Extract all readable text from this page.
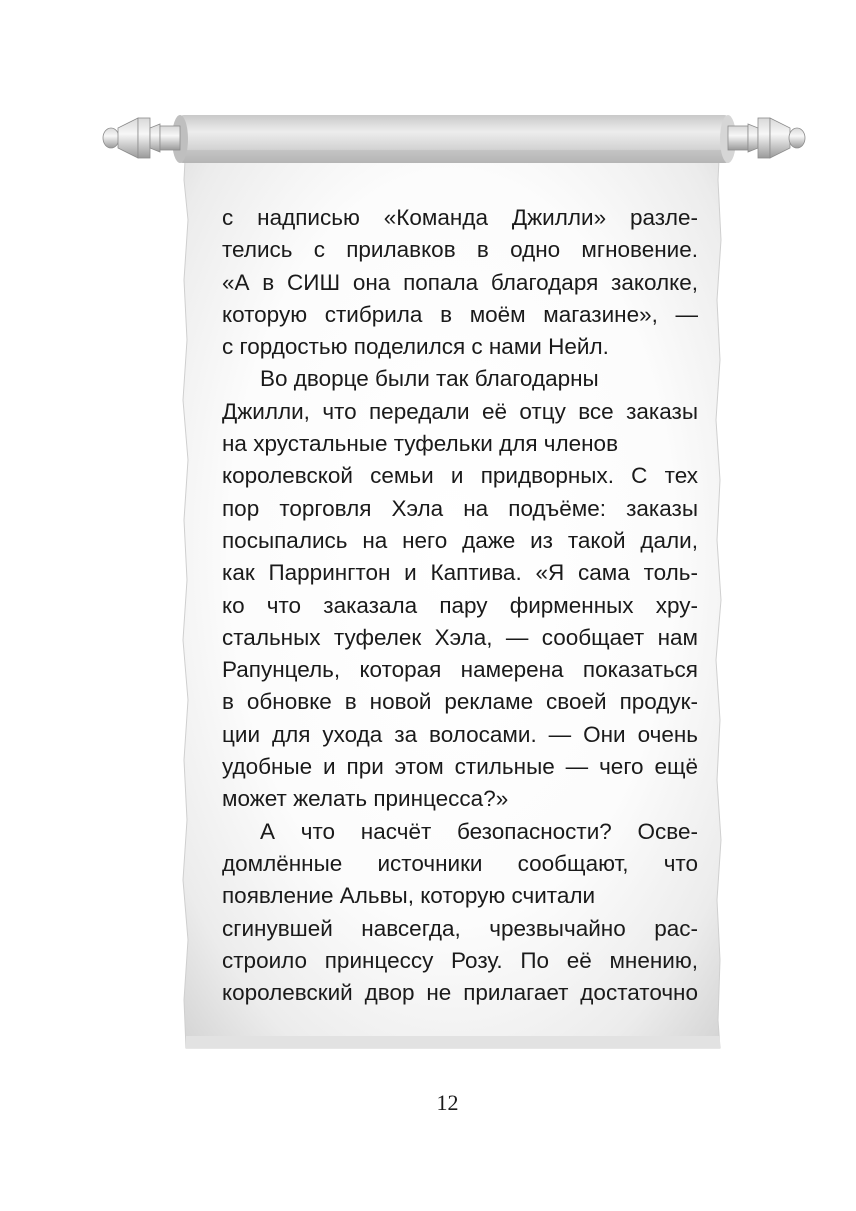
с надписью «Команда Джилли» разле-
телись с прилавков в одно мгновение.
«А в СИШ она попала благодаря заколке,
которую стибрила в моём магазине», —
с гордостью поделился с нами Нейл.
Во дворце были так благодарны
Джилли, что передали её отцу все заказы
на хрустальные туфельки для членов
королевской семьи и придворных. С тех
пор торговля Хэла на подъёме: заказы
посыпались на него даже из такой дали,
как Паррингтон и Каптива. «Я сама толь-
ко что заказала пару фирменных хру-
стальных туфелек Хэла, — сообщает нам
Рапунцель, которая намерена показаться
в обновке в новой рекламе своей продук-
ции для ухода за волосами. — Они очень
удобные и при этом стильные — чего ещё
может желать принцесса?»
А что насчёт безопасности? Осве-
домлённые источники сообщают, что
появление Альвы, которую считали
сгинувшей навсегда, чрезвычайно рас-
строило принцессу Розу. По её мнению,
королевский двор не прилагает достаточно
12
